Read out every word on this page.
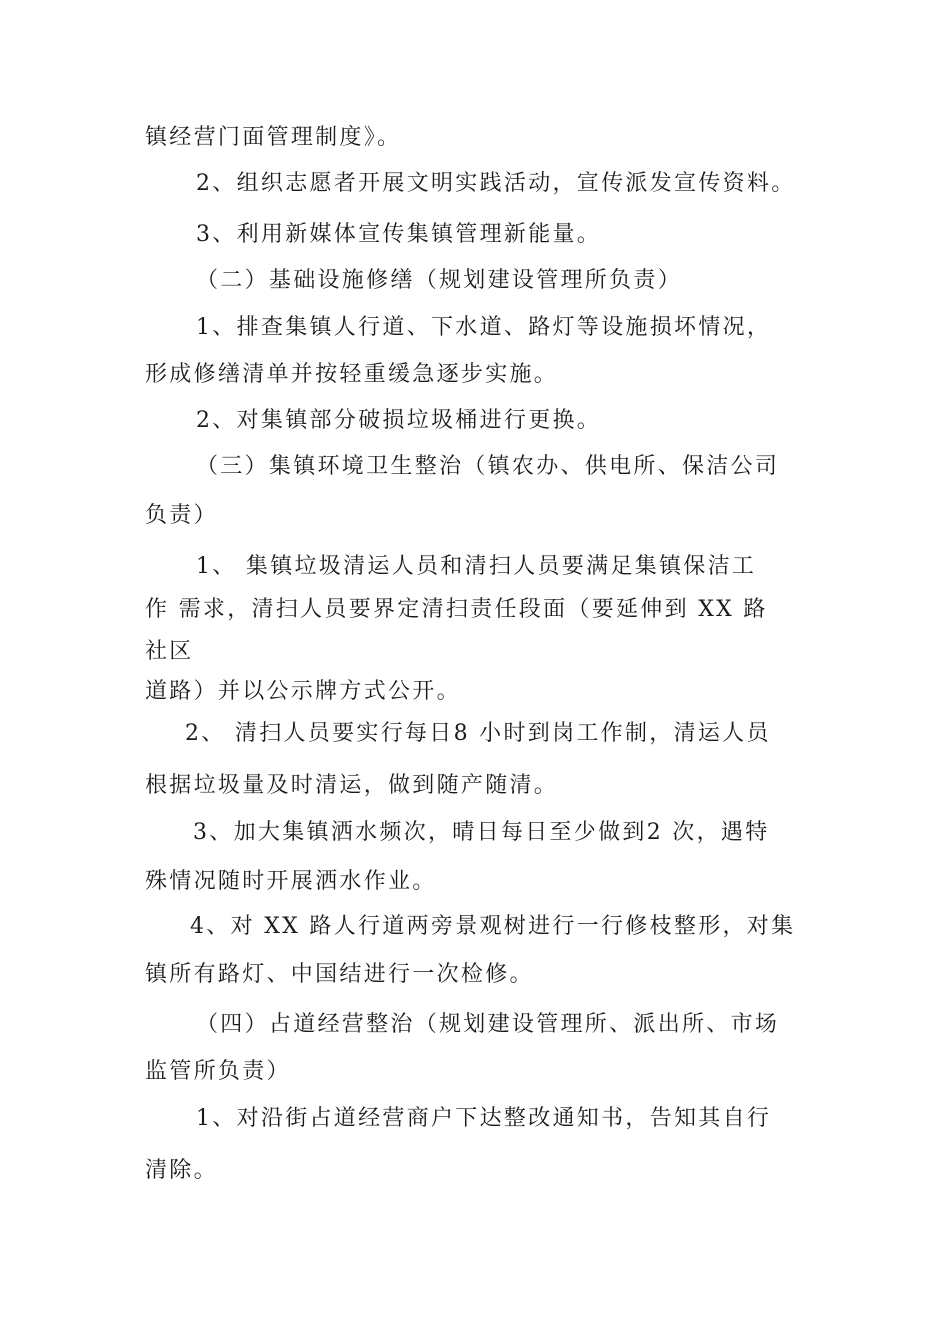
镇经营门面管理制度》。
2、组织志愿者开展文明实践活动，宣传派发宣传资料。
3、利用新媒体宣传集镇管理新能量。
（二）基础设施修缮（规划建设管理所负责）
1、排查集镇人行道、下水道、路灯等设施损坏情况，
形成修缮清单并按轻重缓急逐步实施。
2、对集镇部分破损垃圾桶进行更换。
（三）集镇环境卫生整治（镇农办、供电所、保洁公司
负责）
1、 集镇垃圾清运人员和清扫人员要满足集镇保洁工
作 需求，清扫人员要界定清扫责任段面（要延伸到 XX 路
社区
道路）并以公示牌方式公开。
2、 清扫人员要实行每日8 小时到岗工作制，清运人员
根据垃圾量及时清运，做到随产随清。
3、加大集镇洒水频次，晴日每日至少做到2 次，遇特
殊情况随时开展洒水作业。
4、对 XX 路人行道两旁景观树进行一行修枝整形，对集
镇所有路灯、中国结进行一次检修。
（四）占道经营整治（规划建设管理所、派出所、市场
监管所负责）
1、对沿街占道经营商户下达整改通知书，告知其自行
清除。
